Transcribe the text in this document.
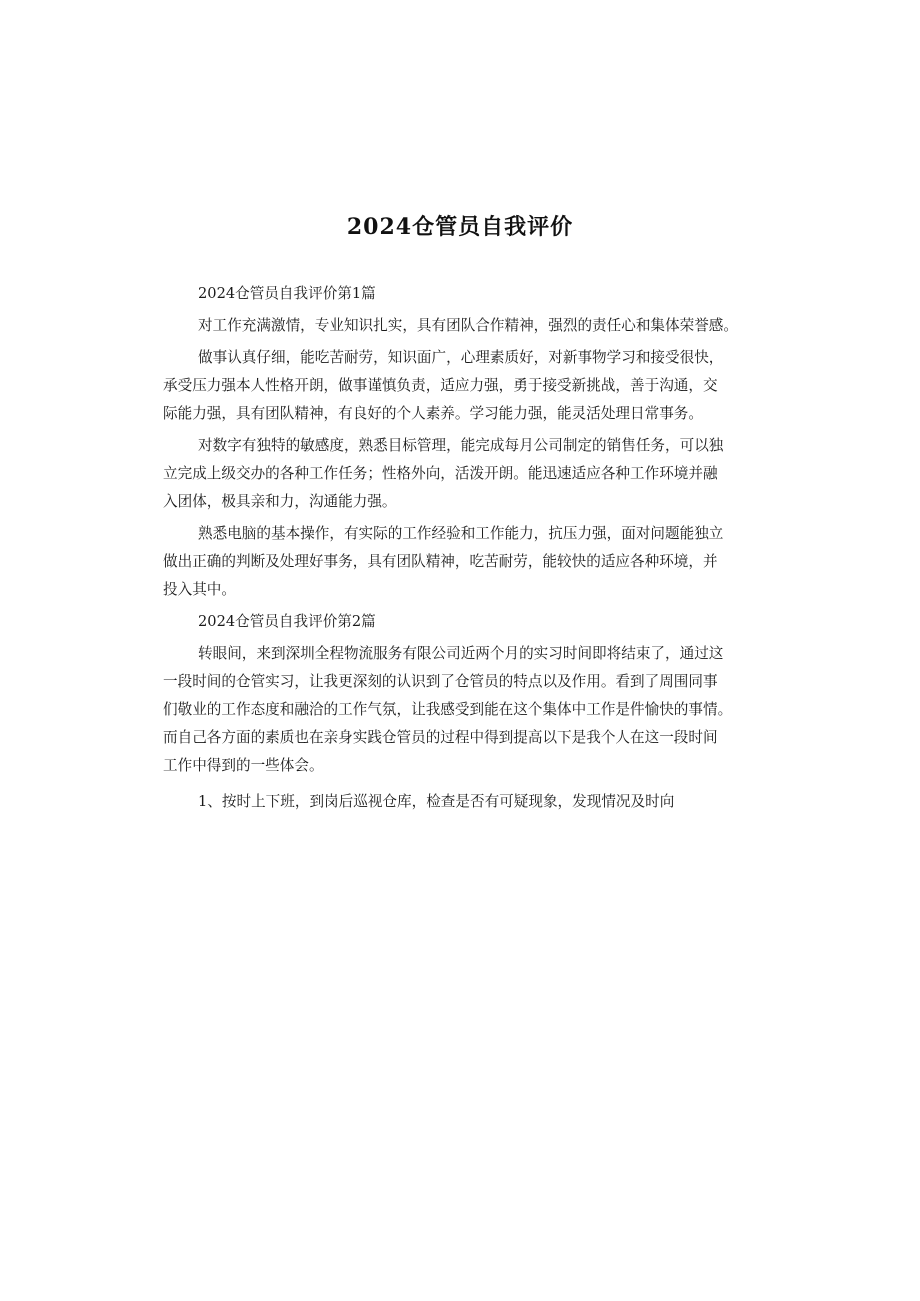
2024仓管员自我评价
2024仓管员自我评价第1篇
对工作充满激情，专业知识扎实，具有团队合作精神，强烈的责任心和集体荣誉感。
做事认真仔细，能吃苦耐劳，知识面广，心理素质好，对新事物学习和接受很快，
承受压力强本人性格开朗，做事谨慎负责，适应力强，勇于接受新挑战，善于沟通，交
际能力强，具有团队精神，有良好的个人素养。学习能力强，能灵活处理日常事务。
对数字有独特的敏感度，熟悉目标管理，能完成每月公司制定的销售任务，可以独
立完成上级交办的各种工作任务；性格外向，活泼开朗。能迅速适应各种工作环境并融
入团体，极具亲和力，沟通能力强。
熟悉电脑的基本操作，有实际的工作经验和工作能力，抗压力强，面对问题能独立
做出正确的判断及处理好事务，具有团队精神，吃苦耐劳，能较快的适应各种环境，并
投入其中。
2024仓管员自我评价第2篇
转眼间，来到深圳全程物流服务有限公司近两个月的实习时间即将结束了，通过这
一段时间的仓管实习，让我更深刻的认识到了仓管员的特点以及作用。看到了周围同事
们敬业的工作态度和融洽的工作气氛，让我感受到能在这个集体中工作是件愉快的事情。
而自己各方面的素质也在亲身实践仓管员的过程中得到提高以下是我个人在这一段时间
工作中得到的一些体会。
1、按时上下班，到岗后巡视仓库，检查是否有可疑现象，发现情况及时向
